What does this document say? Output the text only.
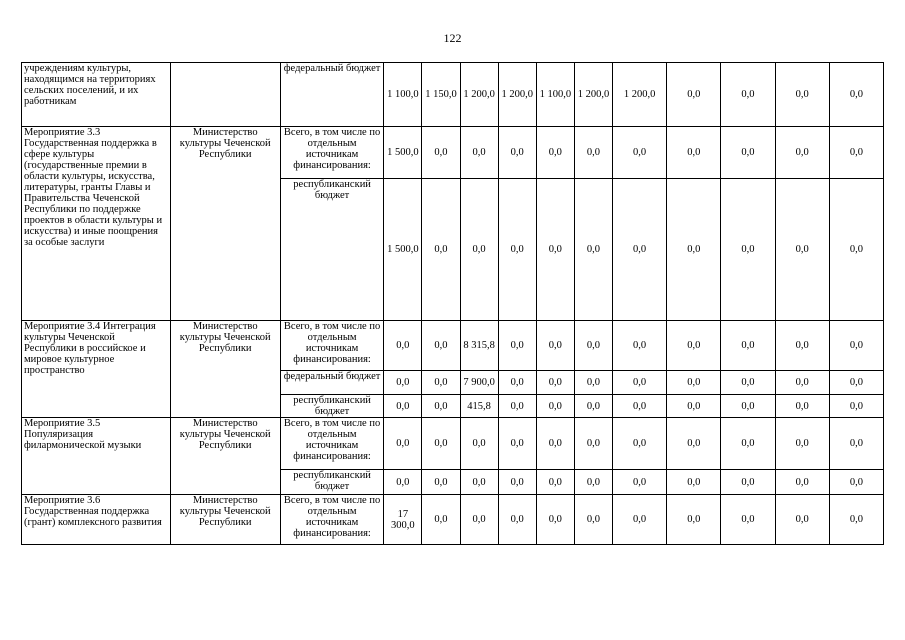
122
учреждениям культуры, находящимся на территориях сельских поселений, и их работникам		федеральный бюджет	1 100,0	1 150,0	1 200,0	1 200,0	1 100,0	1 200,0	1 200,0	0,0	0,0	0,0	0,0
Мероприятие 3.3 Государственная поддержка в сфере культуры (государственные премии в области культуры, искусства, литературы, гранты Главы и Правительства Чеченской Республики по поддержке проектов в области культуры и искусства) и иные поощрения за особые заслуги	Министерство культуры Чеченской Республики	Всего, в том числе по отдельным источникам финансирования:	1 500,0	0,0	0,0	0,0	0,0	0,0	0,0	0,0	0,0	0,0	0,0
		республиканский бюджет	1 500,0	0,0	0,0	0,0	0,0	0,0	0,0	0,0	0,0	0,0	0,0
Мероприятие 3.4 Интеграция культуры Чеченской Республики в российское и мировое культурное пространство	Министерство культуры Чеченской Республики	Всего, в том числе по отдельным источникам финансирования:	0,0	0,0	8 315,8	0,0	0,0	0,0	0,0	0,0	0,0	0,0	0,0
		федеральный бюджет	0,0	0,0	7 900,0	0,0	0,0	0,0	0,0	0,0	0,0	0,0	0,0
		республиканский бюджет	0,0	0,0	415,8	0,0	0,0	0,0	0,0	0,0	0,0	0,0	0,0
Мероприятие 3.5 Популяризация филармонической музыки	Министерство культуры Чеченской Республики	Всего, в том числе по отдельным источникам финансирования:	0,0	0,0	0,0	0,0	0,0	0,0	0,0	0,0	0,0	0,0	0,0
		республиканский бюджет	0,0	0,0	0,0	0,0	0,0	0,0	0,0	0,0	0,0	0,0	0,0
Мероприятие 3.6 Государственная поддержка (грант) комплексного развития	Министерство культуры Чеченской Республики	Всего, в том числе по отдельным источникам финансирования:	17 300,0	0,0	0,0	0,0	0,0	0,0	0,0	0,0	0,0	0,0	0,0
